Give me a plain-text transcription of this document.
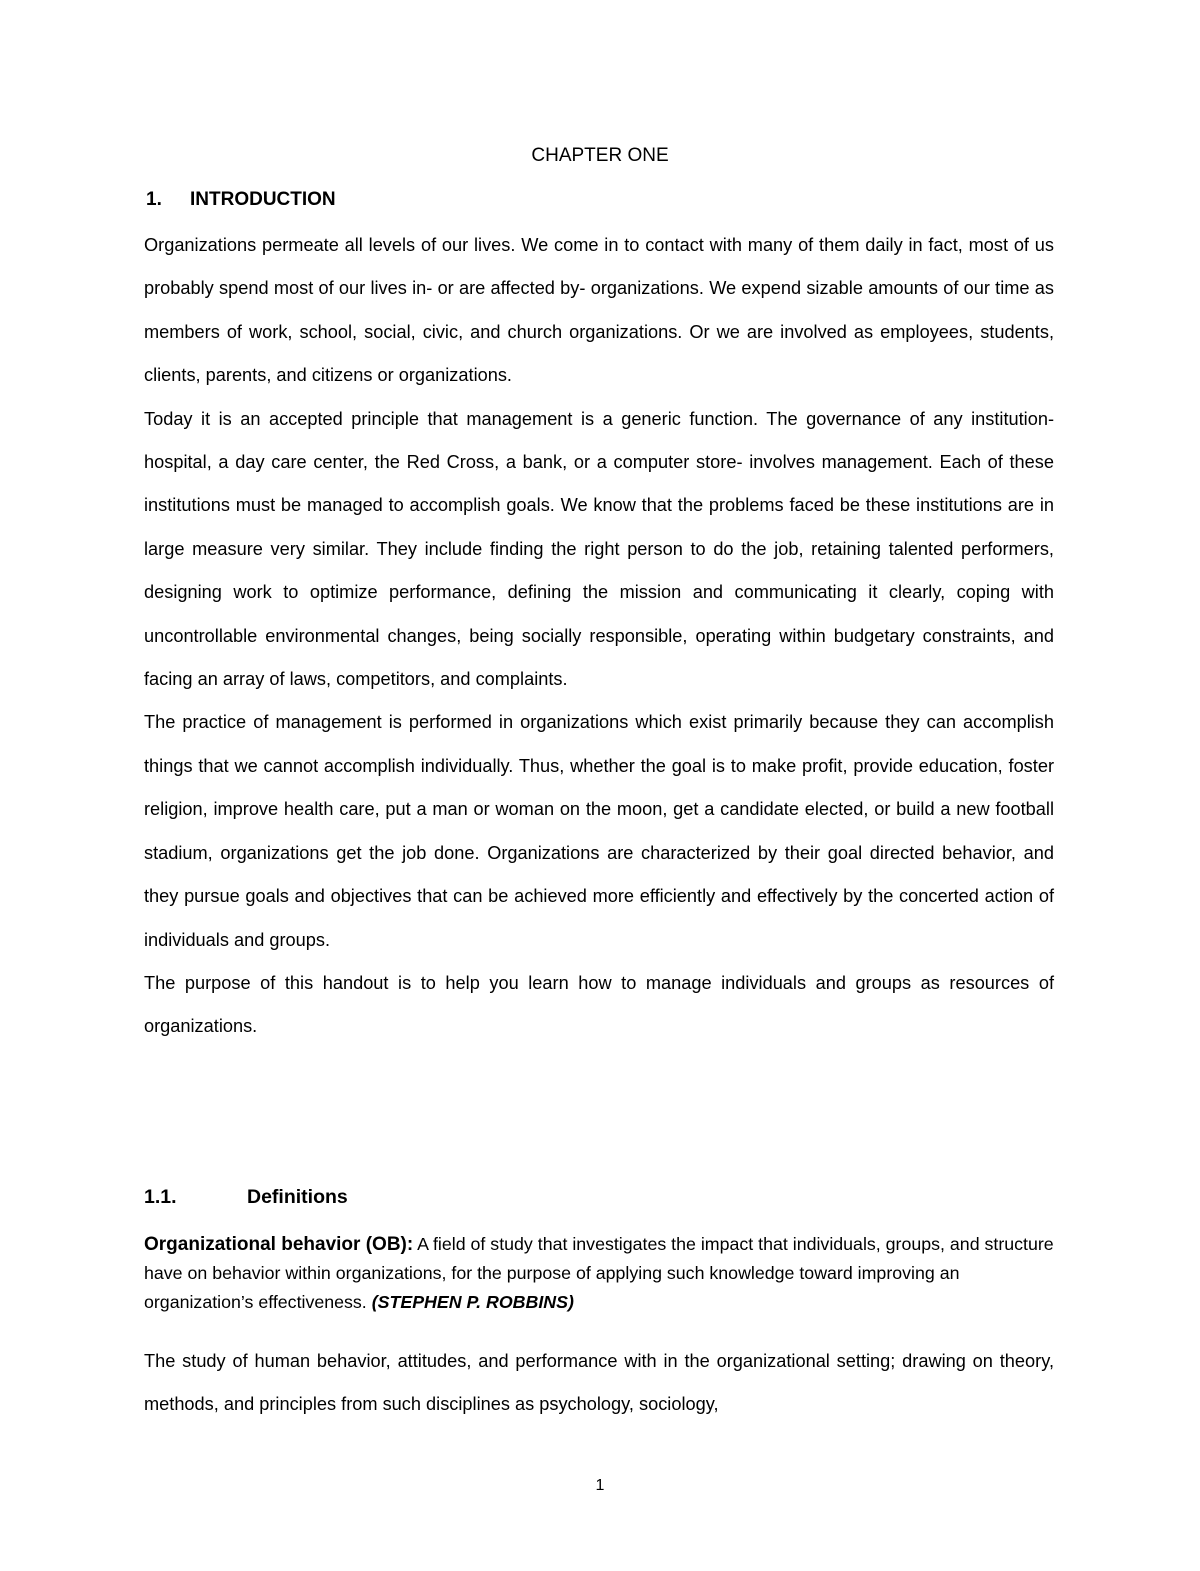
CHAPTER ONE
1. INTRODUCTION

Organizations permeate all levels of our lives. We come in to contact with many of them daily in fact, most of us probably spend most of our lives in- or are affected by- organizations. We expend sizable amounts of our time as members of work, school, social, civic, and church organizations. Or we are involved as employees, students, clients, parents, and citizens or organizations.

Today it is an accepted principle that management is a generic function. The governance of any institution- hospital, a day care center, the Red Cross, a bank, or a computer store- involves management. Each of these institutions must be managed to accomplish goals. We know that the problems faced be these institutions are in large measure very similar. They include finding the right person to do the job, retaining talented performers, designing work to optimize performance, defining the mission and communicating it clearly, coping with uncontrollable environmental changes, being socially responsible, operating within budgetary constraints, and facing an array of laws, competitors, and complaints.

The practice of management is performed in organizations which exist primarily because they can accomplish things that we cannot accomplish individually. Thus, whether the goal is to make profit, provide education, foster religion, improve health care, put a man or woman on the moon, get a candidate elected, or build a new football stadium, organizations get the job done. Organizations are characterized by their goal directed behavior, and they pursue goals and objectives that can be achieved more efficiently and effectively by the concerted action of individuals and groups.

The purpose of this handout is to help you learn how to manage individuals and groups as resources of organizations.

1.1.	Definitions

Organizational behavior (OB): A field of study that investigates the impact that individuals, groups, and structure have on behavior within organizations, for the purpose of applying such knowledge toward improving an organization’s effectiveness. (STEPHEN P. ROBBINS)

The study of human behavior, attitudes, and performance with in the organizational setting; drawing on theory, methods, and principles from such disciplines as psychology, sociology,

1
